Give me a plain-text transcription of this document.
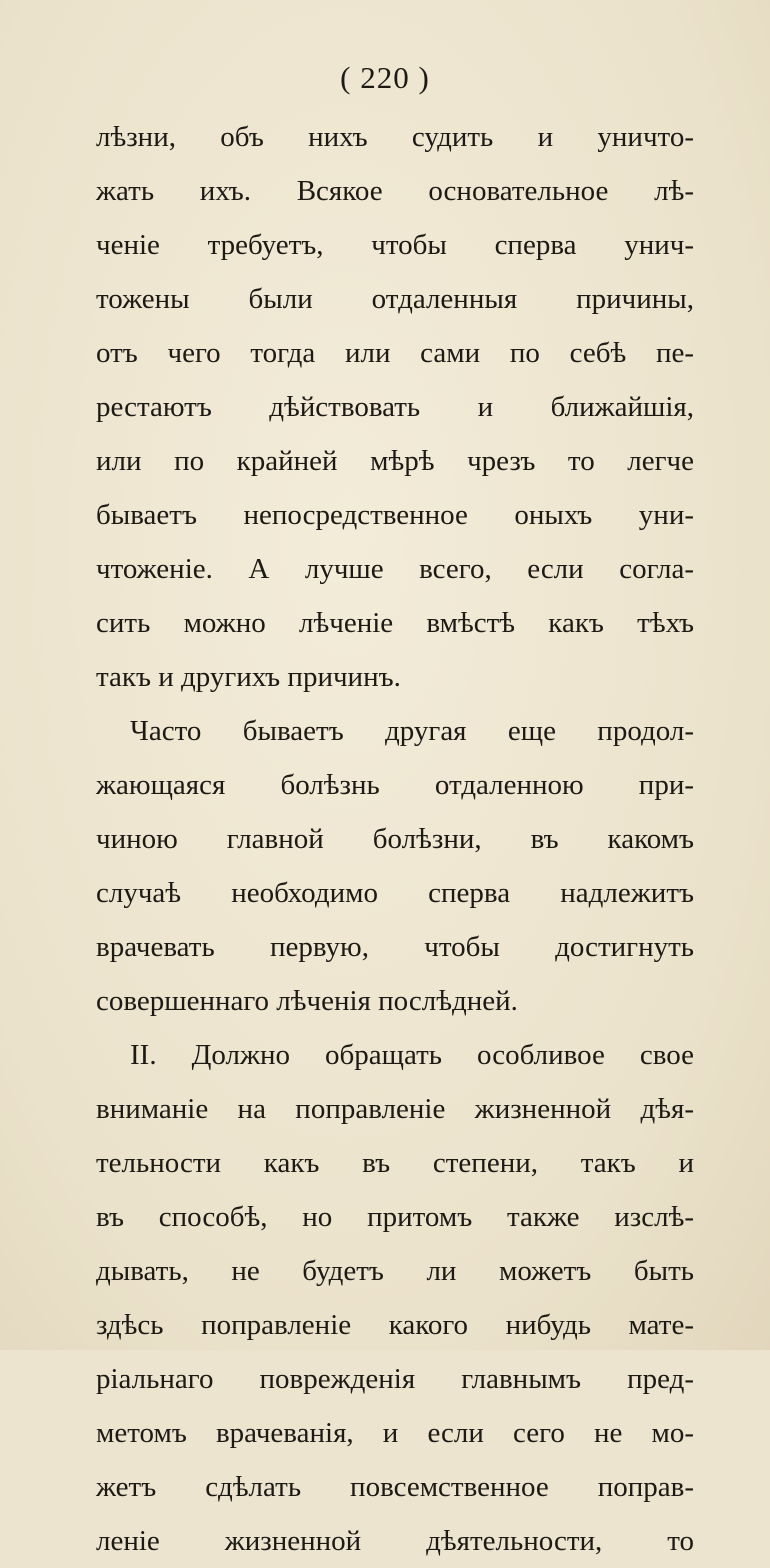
( 220 )
лѣзни, объ нихъ судить и уничто-
жать ихъ. Всякое основательное лѣ-
ченіе требуетъ, чтобы сперва унич-
тожены были отдаленныя причины,
отъ чего тогда или сами по себѣ пе-
рестаютъ дѣйствовать и ближайшія,
или по крайней мѣрѣ чрезъ то легче
бываетъ непосредственное оныхъ уни-
чтоженіе. А лучше всего, если согла-
сить можно лѣченіе вмѣстѣ какъ тѣхъ
такъ и другихъ причинъ.
Часто бываетъ другая еще продол-
жающаяся болѣзнь отдаленною при-
чиною главной болѣзни, въ какомъ
случаѣ необходимо сперва надлежитъ
врачевать первую, чтобы достигнуть
совершеннаго лѣченія послѣдней.
II. Должно обращать особливое свое
вниманіе на поправленіе жизненной дѣя-
тельности какъ въ степени, такъ и
въ способѣ, но притомъ также изслѣ-
дывать, не будетъ ли можетъ быть
здѣсь поправленіе какого нибудь мате-
ріальнаго поврежденія главнымъ пред-
метомъ врачеванія, и если сего не мо-
жетъ сдѣлать повсемственное поправ-
леніе жизненной дѣятельности, то
